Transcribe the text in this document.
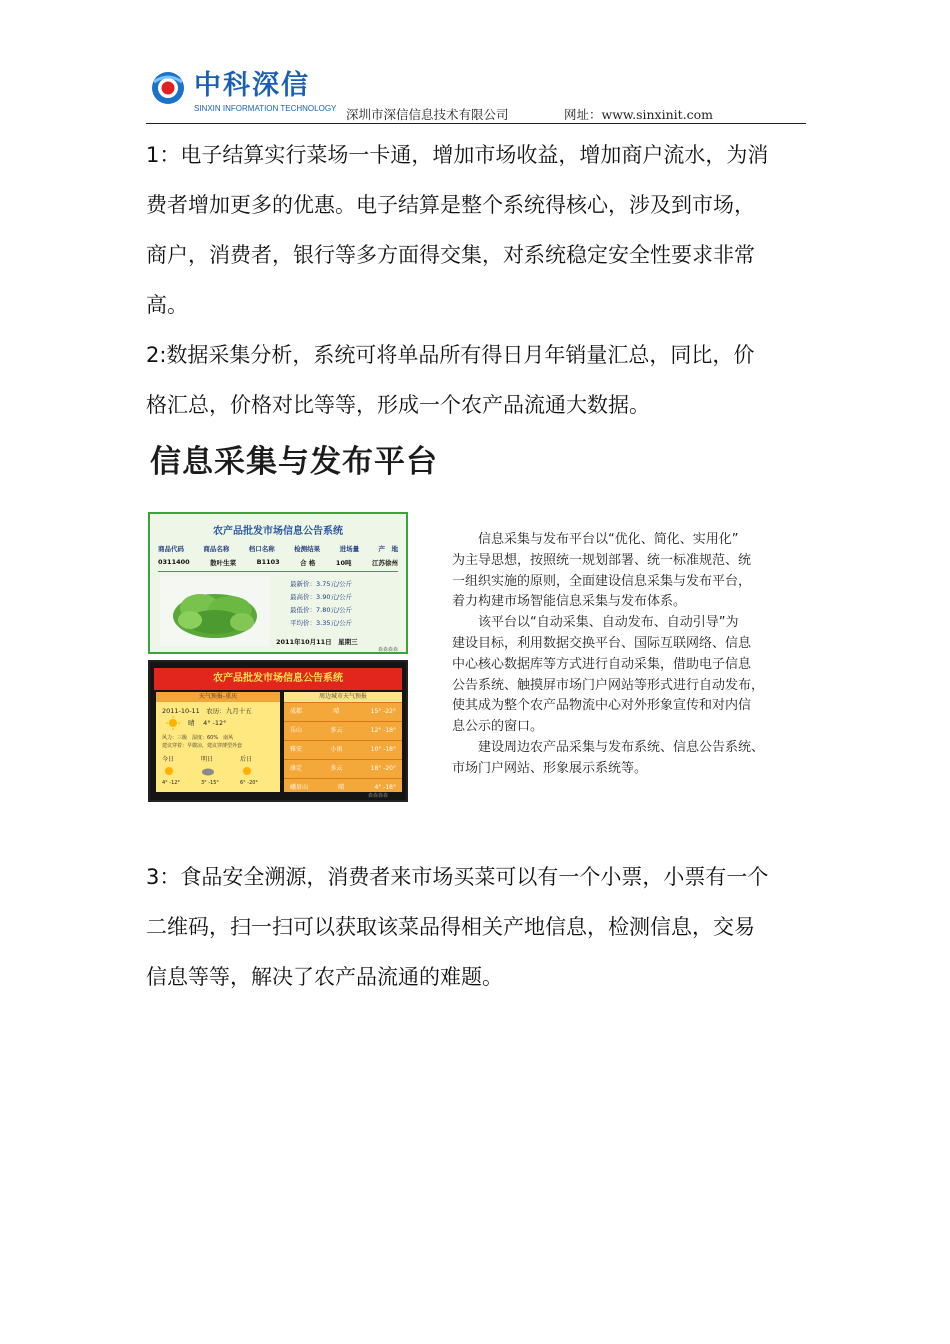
中科深信
SINXIN INFORMATION TECHNOLOGY 深圳市深信信息技术有限公司	网址：www.sinxinit.com

1：电子结算实行菜场一卡通，增加市场收益，增加商户流水，为消

费者增加更多的优惠。电子结算是整个系统得核心，涉及到市场，

商户，消费者，银行等多方面得交集，对系统稳定安全性要求非常

高。

2:数据采集分析，系统可将单品所有得日月年销量汇总，同比，价

格汇总，价格对比等等，形成一个农产品流通大数据。

信息采集与发布平台
农产品批发市场信息公告系统
商品代码	商品名称	档口名称	检测结果	进场量	产　地
0311400	散叶生菜	B1103	合 格	10吨	江苏徐州
最新价：3.75元/公斤
最高价：3.90元/公斤
最低价：7.80元/公斤
平均价：3.35元/公斤
2011年10月11日　星期三
森森森森
农产品批发市场信息公告系统
天气预报-重庆
2011-10-11　农历：九月十五
晴　 4° -12°
风力：三级　湿度：60%　南风
建议穿着：早微凉，建议穿薄型外套
今日
4° -12°
明日
3° -15°
后日
6° -20°
周边城市天气预报
成都	晴	15° -22°
乐山	多云	12° -18°
雅安	小雨	10° -18°
康定	多云	18° -20°
峨眉山	晴	4° -18°
森森森森

　　信息采集与发布平台以“优化、简化、实用化”

为主导思想，按照统一规划部署、统一标准规范、统

一组织实施的原则，全面建设信息采集与发布平台，

着力构建市场智能信息采集与发布体系。

　　该平台以“自动采集、自动发布、自动引导”为

建设目标，利用数据交换平台、国际互联网络、信息

中心核心数据库等方式进行自动采集，借助电子信息

公告系统、触摸屏市场门户网站等形式进行自动发布，

使其成为整个农产品物流中心对外形象宣传和对内信

息公示的窗口。

　　建设周边农产品采集与发布系统、信息公告系统、

市场门户网站、形象展示系统等。

3：食品安全溯源，消费者来市场买菜可以有一个小票，小票有一个

二维码，扫一扫可以获取该菜品得相关产地信息，检测信息，交易

信息等等，解决了农产品流通的难题。
